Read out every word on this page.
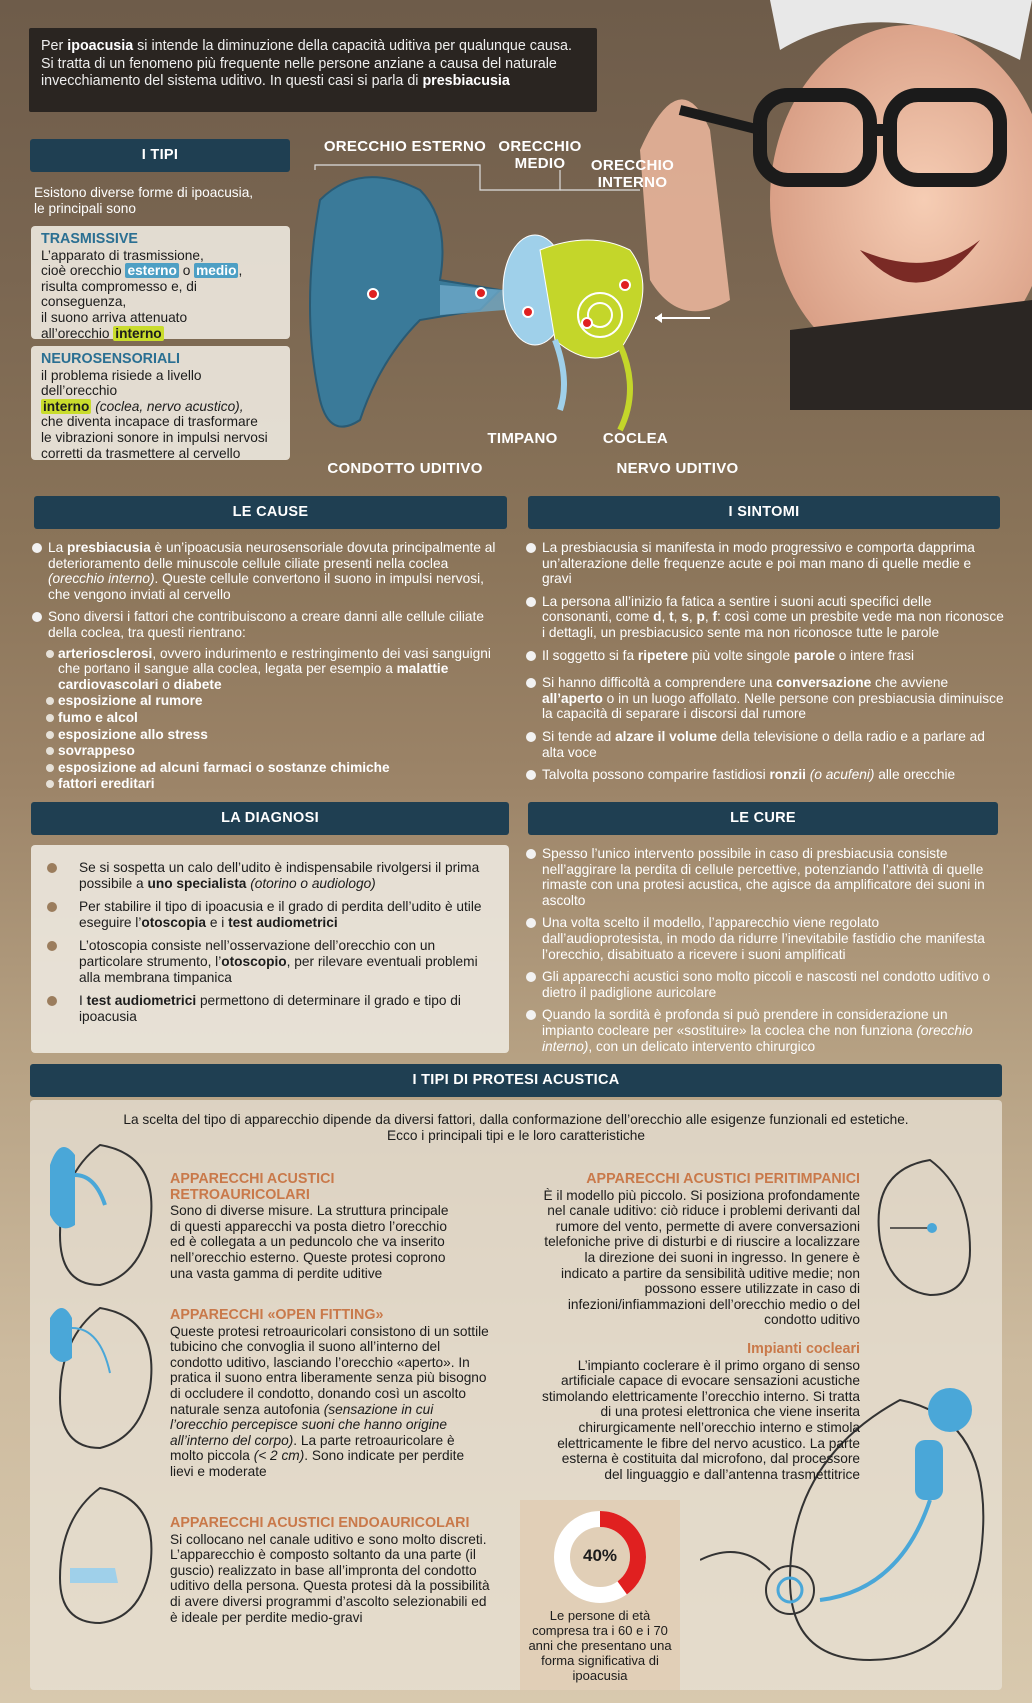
Per ipoacusia si intende la diminuzione della capacità uditiva per qualunque causa.
Si tratta di un fenomeno più frequente nelle persone anziane a causa del naturale
invecchiamento del sistema uditivo. In questi casi si parla di presbiacusia
I TIPI
Esistono diverse forme di ipoacusia,
le principali sono
TRASMISSIVE
L’apparato di trasmissione,
cioè orecchio esterno o medio ,
risulta compromesso e, di conseguenza,
il suono arriva attenuato
all’orecchio interno
NEUROSENSORIALI
il problema risiede a livello dell’orecchio
interno (coclea, nervo acustico),
che diventa incapace di trasformare
le vibrazioni sonore in impulsi nervosi
corretti da trasmettere al cervello
ORECCHIO ESTERNO ORECCHIO
MEDIO	ORECCHIO
INTERNO
TIMPANO	COCLEA
CONDOTTO UDITIVO	NERVO UDITIVO
LE CAUSE
La presbiacusia è un’ipoacusia neurosensoriale dovuta principalmente al deterioramento delle minuscole cellule ciliate presenti nella coclea (orecchio interno). Queste cellule convertono il suono in impulsi nervosi, che vengono inviati al cervello
Sono diversi i fattori che contribuiscono a creare danni alle cellule ciliate della coclea, tra questi rientrano:
arteriosclerosi, ovvero indurimento e restringimento dei vasi sanguigni che portano il sangue alla coclea, legata per esempio a malattie cardiovascolari o diabete
esposizione al rumore
fumo e alcol
esposizione allo stress
sovrappeso
esposizione ad alcuni farmaci o sostanze chimiche
fattori ereditari
I SINTOMI
La presbiacusia si manifesta in modo progressivo e comporta dapprima un’alterazione delle frequenze acute e poi man mano di quelle medie e gravi
La persona all’inizio fa fatica a sentire i suoni acuti specifici delle consonanti, come d, t, s, p, f: così come un presbite vede ma non riconosce i dettagli, un presbiacusico sente ma non riconosce tutte le parole
Il soggetto si fa ripetere più volte singole parole o intere frasi
Si hanno difficoltà a comprendere una conversazione che avviene all’aperto o in un luogo affollato. Nelle persone con presbiacusia diminuisce la capacità di separare i discorsi dal rumore
Si tende ad alzare il volume della televisione o della radio e a parlare ad alta voce
Talvolta possono comparire fastidiosi ronzii (o acufeni) alle orecchie
LA DIAGNOSI
Se si sospetta un calo dell’udito è indispensabile rivolgersi il prima possibile a uno specialista (otorino o audiologo)
Per stabilire il tipo di ipoacusia e il grado di perdita dell’udito è utile eseguire l’otoscopia e i test audiometrici
L’otoscopia consiste nell’osservazione dell’orecchio con un particolare strumento, l’otoscopio, per rilevare eventuali problemi alla membrana timpanica
I test audiometrici permettono di determinare il grado e tipo di ipoacusia
LE CURE
Spesso l’unico intervento possibile in caso di presbiacusia consiste nell’aggirare la perdita di cellule percettive, potenziando l’attività di quelle rimaste con una protesi acustica, che agisce da amplificatore dei suoni in ascolto
Una volta scelto il modello, l’apparecchio viene regolato dall’audioprotesista, in modo da ridurre l’inevitabile fastidio che manifesta l’orecchio, disabituato a ricevere i suoni amplificati
Gli apparecchi acustici sono molto piccoli e nascosti nel condotto uditivo o dietro il padiglione auricolare
Quando la sordità è profonda si può prendere in considerazione un impianto cocleare per «sostituire» la coclea che non funziona (orecchio interno), con un delicato intervento chirurgico
I TIPI DI PROTESI ACUSTICA
La scelta del tipo di apparecchio dipende da diversi fattori, dalla conformazione dell’orecchio alle esigenze funzionali ed estetiche.
Ecco i principali tipi e le loro caratteristiche
APPARECCHI ACUSTICI RETROAURICOLARI
Sono di diverse misure. La struttura principale di questi apparecchi va posta dietro l’orecchio ed è collegata a un peduncolo che va inserito nell’orecchio esterno. Queste protesi coprono una vasta gamma di perdite uditive
APPARECCHI «OPEN FITTING»
Queste protesi retroauricolari consistono di un sottile tubicino che convoglia il suono all’interno del condotto uditivo, lasciando l’orecchio «aperto». In pratica il suono entra liberamente senza più bisogno di occludere il condotto, donando così un ascolto naturale senza autofonia (sensazione in cui l’orecchio percepisce suoni che hanno origine all’interno del corpo). La parte retroauricolare è molto piccola (< 2 cm). Sono indicate per perdite lievi e moderate
APPARECCHI ACUSTICI ENDOAURICOLARI
Si collocano nel canale uditivo e sono molto discreti. L’apparecchio è composto soltanto da una parte (il guscio) realizzato in base all’impronta del condotto uditivo della persona. Questa protesi dà la possibilità di avere diversi programmi d’ascolto selezionabili ed è ideale per perdite medio-gravi
APPARECCHI ACUSTICI PERITIMPANICI
È il modello più piccolo. Si posiziona profondamente nel canale uditivo: ciò riduce i problemi derivanti dal rumore del vento, permette di avere conversazioni telefoniche prive di disturbi e di riuscire a localizzare la direzione dei suoni in ingresso. In genere è indicato a partire da sensibilità uditive medie; non possono essere utilizzate in caso di infezioni/infiammazioni dell’orecchio medio o del condotto uditivo
Impianti cocleari
L’impianto coclerare è il primo organo di senso artificiale capace di evocare sensazioni acustiche stimolando elettricamente l’orecchio interno. Si tratta di una protesi elettronica che viene inserita chirurgicamente nell’orecchio interno e stimola elettricamente le fibre del nervo acustico. La parte esterna è costituita dal microfono, dal processore del linguaggio e dall’antenna trasmettitrice
40%
Le persone di età compresa tra i 60 e i 70 anni che presentano una forma significativa di ipoacusia
